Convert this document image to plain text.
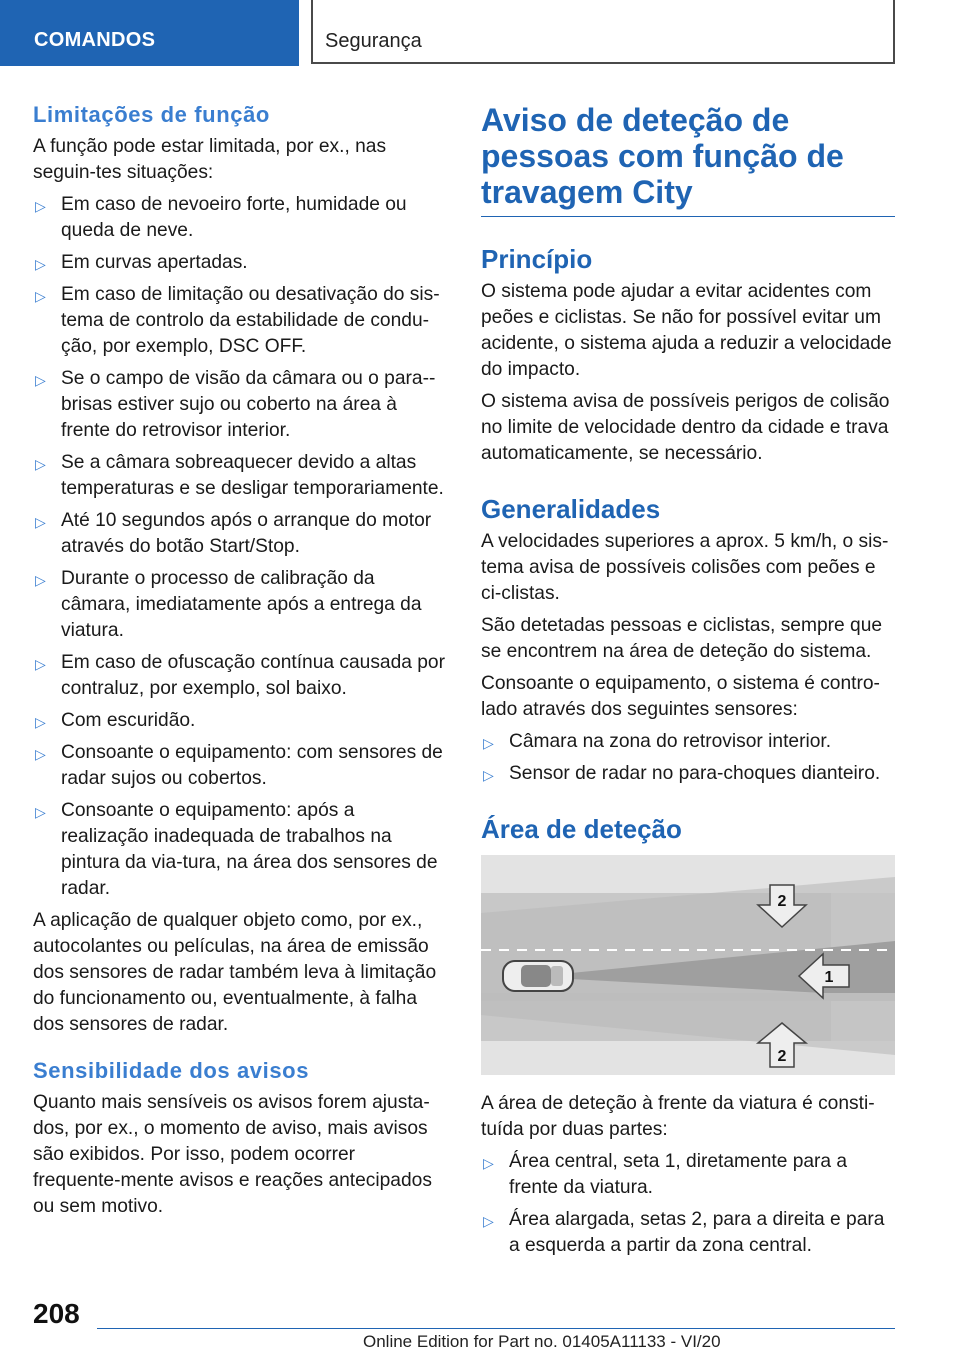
COMANDOS	Segurança
Limitações de função

A função pode estar limitada, por ex., nas seguin-tes situações:

▷ Em caso de nevoeiro forte, humidade ou queda de neve.
▷ Em curvas apertadas.
▷ Em caso de limitação ou desativação do sis-tema de controlo da estabilidade de condu-ção, por exemplo, DSC OFF.
▷ Se o campo de visão da câmara ou o para--brisas estiver sujo ou coberto na área à frente do retrovisor interior.
▷ Se a câmara sobreaquecer devido a altas temperaturas e se desligar temporariamente.
▷ Até 10 segundos após o arranque do motor através do botão Start/Stop.
▷ Durante o processo de calibração da câmara, imediatamente após a entrega da viatura.
▷ Em caso de ofuscação contínua causada por contraluz, por exemplo, sol baixo.
▷ Com escuridão.
▷ Consoante o equipamento: com sensores de radar sujos ou cobertos.
▷ Consoante o equipamento: após a realização inadequada de trabalhos na pintura da via-tura, na área dos sensores de radar.

A aplicação de qualquer objeto como, por ex., autocolantes ou películas, na área de emissão dos sensores de radar também leva à limitação do funcionamento ou, eventualmente, à falha dos sensores de radar.

Sensibilidade dos avisos

Quanto mais sensíveis os avisos forem ajusta-dos, por ex., o momento de aviso, mais avisos são exibidos. Por isso, podem ocorrer frequente-mente avisos e reações antecipados ou sem motivo.

Aviso de deteção de pessoas com função de travagem City
Princípio

O sistema pode ajudar a evitar acidentes com peões e ciclistas. Se não for possível evitar um acidente, o sistema ajuda a reduzir a velocidade do impacto.

O sistema avisa de possíveis perigos de colisão no limite de velocidade dentro da cidade e trava automaticamente, se necessário.

Generalidades

A velocidades superiores a aprox. 5 km/h, o sis-tema avisa de possíveis colisões com peões e ci-clistas.

São detetadas pessoas e ciclistas, sempre que se encontrem na área de deteção do sistema.

Consoante o equipamento, o sistema é contro-lado através dos seguintes sensores:

▷ Câmara na zona do retrovisor interior.
▷ Sensor de radar no para-choques dianteiro.
Área de deteção
2
1
2

A área de deteção à frente da viatura é consti-tuída por duas partes:

▷ Área central, seta 1, diretamente para a frente da viatura.
▷ Área alargada, setas 2, para a direita e para a esquerda a partir da zona central.
208
Online Edition for Part no. 01405A11133 - VI/20
